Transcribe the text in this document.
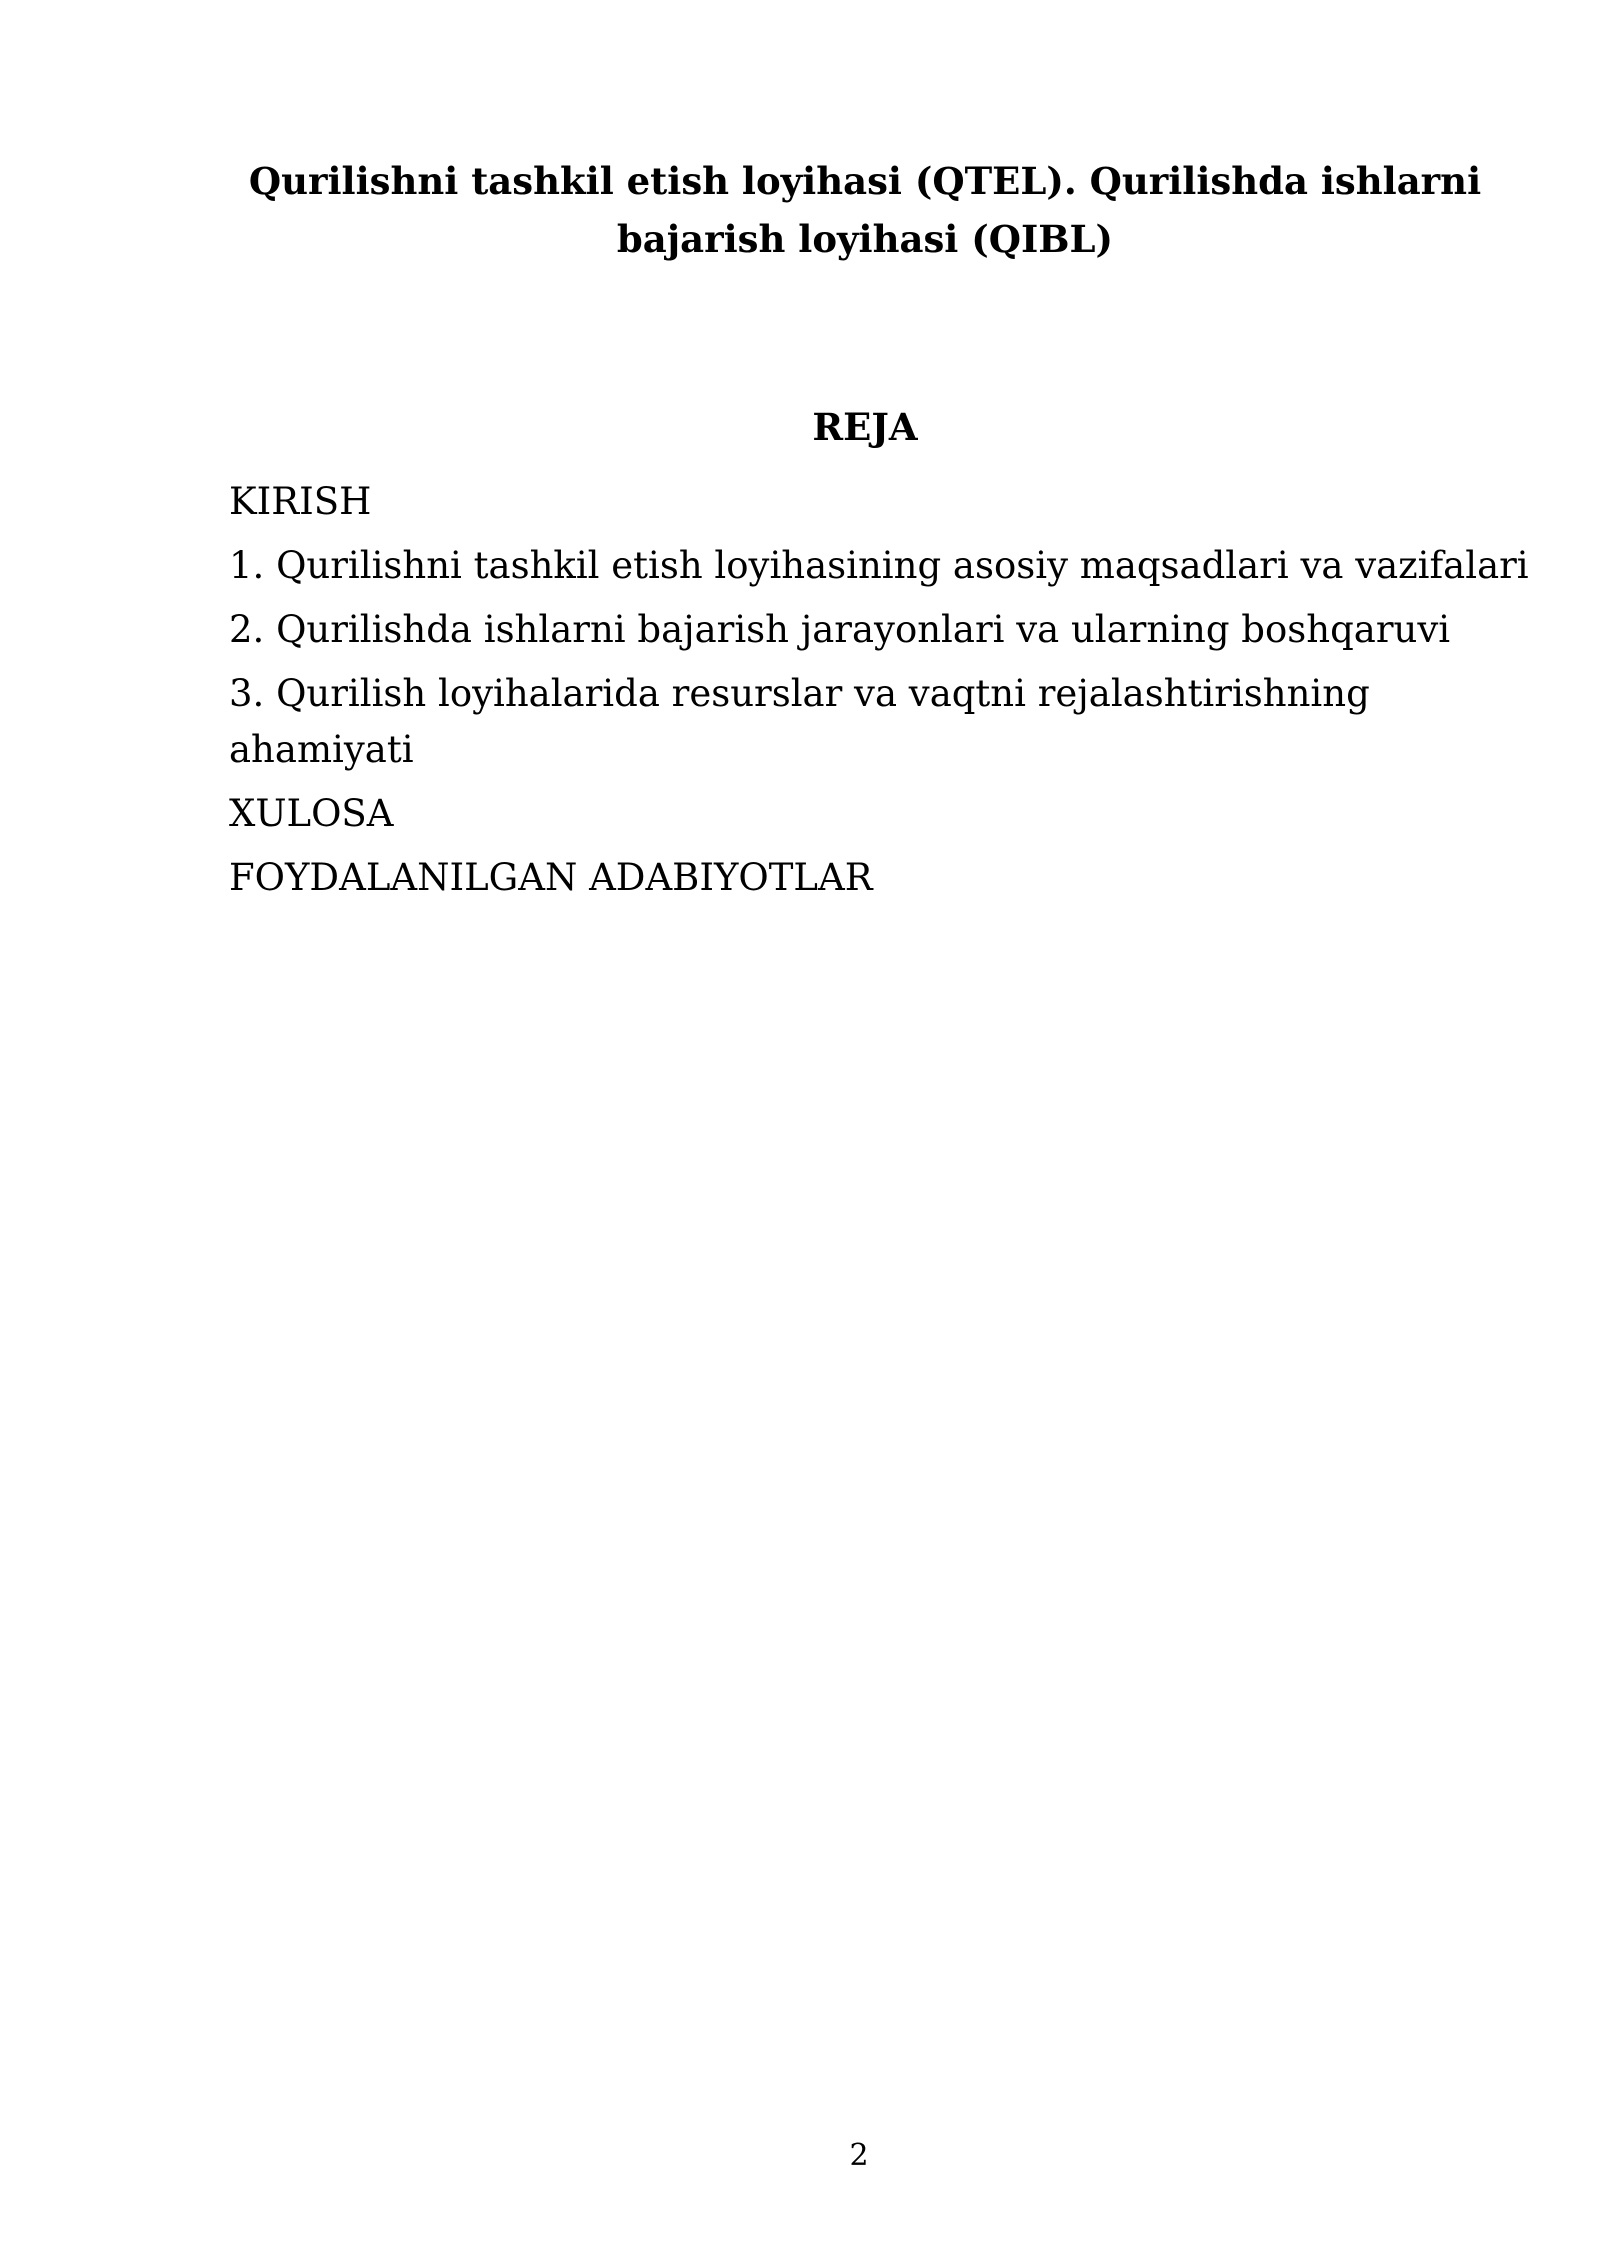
Qurilishni tashkil etish loyihasi (QTEL). Qurilishda ishlarni bajarish loyihasi (QIBL)
REJA
KIRISH
1. Qurilishni tashkil etish loyihasining asosiy maqsadlari va vazifalari
2. Qurilishda ishlarni bajarish jarayonlari va ularning boshqaruvi
3. Qurilish loyihalarida resurslar va vaqtni rejalashtirishning ahamiyati
XULOSA
FOYDALANILGAN ADABIYOTLAR
2
